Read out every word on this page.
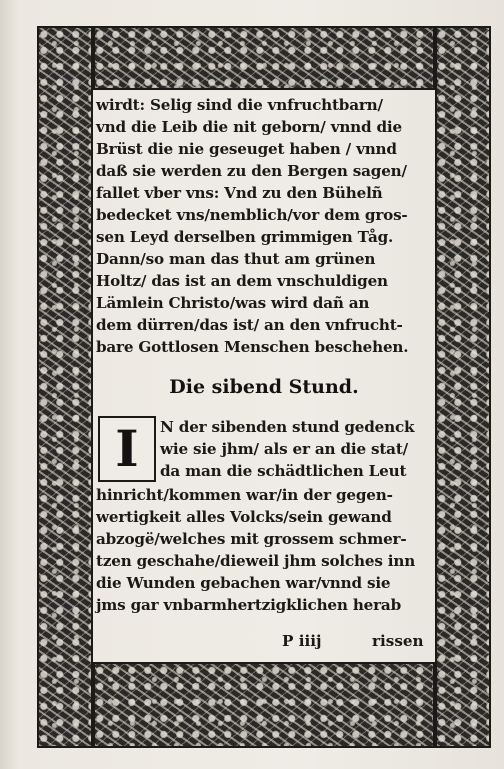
wirdt: Selig sind die vnfruchtbarn/
vnd die Leib die nit geborn/ vnnd die
Brüst die nie geseuget haben / vnnd
daß sie werden zu den Bergen sagen/
fallet vber vns: Vnd zu den Bühelñ
bedecket vns/nemblich/vor dem gros-
sen Leyd derselben grimmigen Tåg.
Dann/so man das thut am grünen
Holtz/ das ist an dem vnschuldigen
Lämlein Christo/was wird dañ an
dem dürren/das ist/ an den vnfrucht-
bare Gottlosen Menschen beschehen.
Die sibend Stund.
I	N der sibenden stund gedenck
wie sie jhm/ als er an die stat/
da man die schädtlichen Leut
hinricht/kommen war/in der gegen-
wertigkeit alles Volcks/sein gewand
abzogë/welches mit grossem schmer-
tzen geschahe/dieweil jhm solches inn
die Wunden gebachen war/vnnd sie
jms gar vnbarmhertzigklichen herab
P iiij	rissen
